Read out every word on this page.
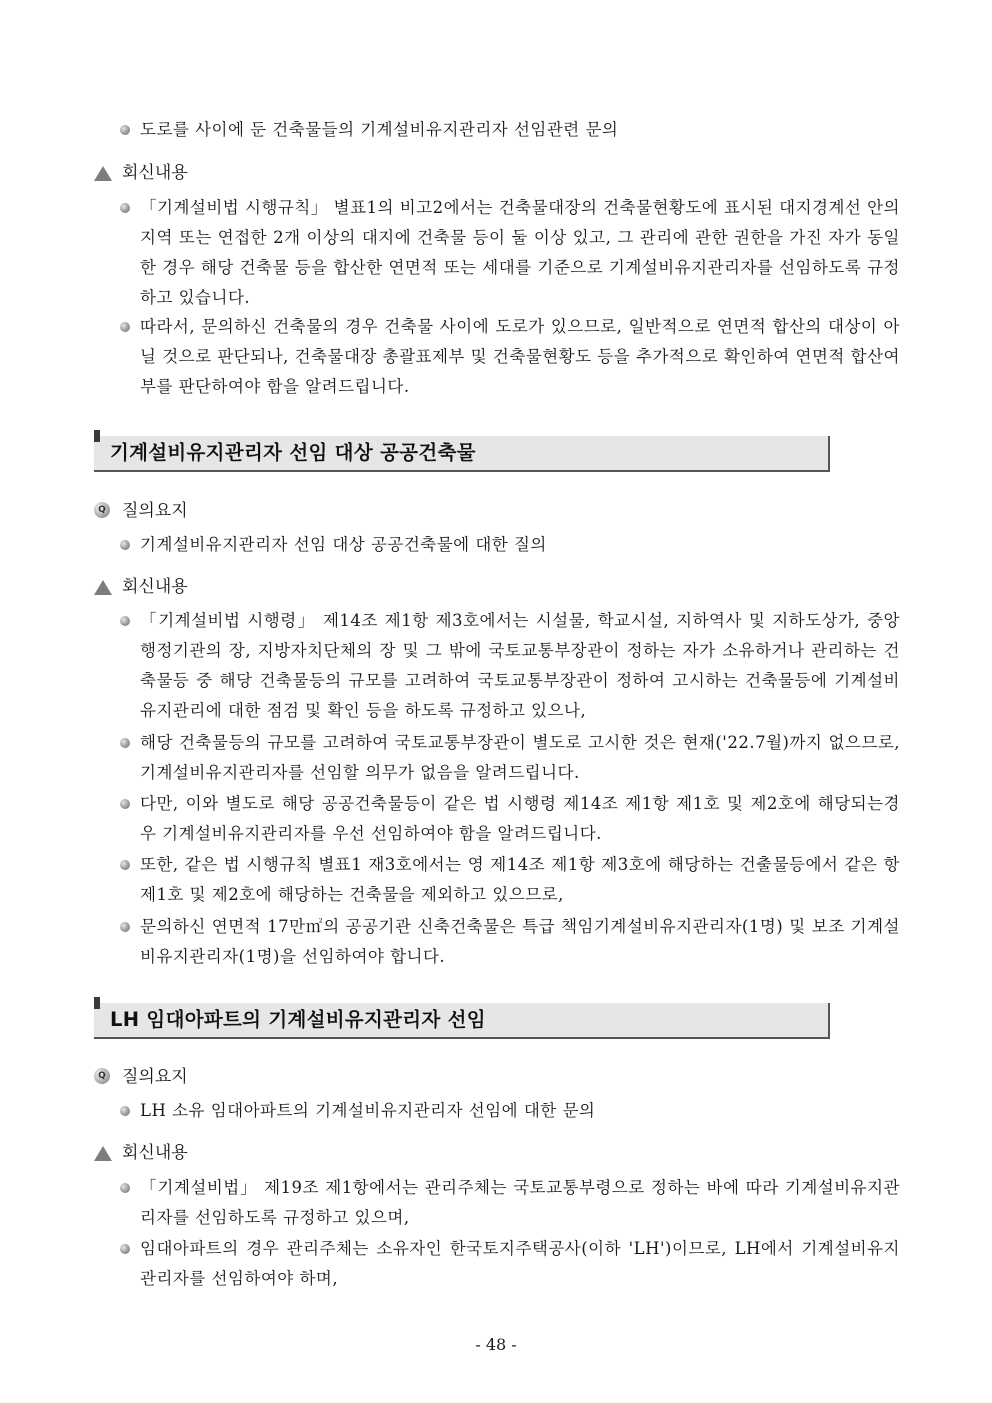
도로를 사이에 둔 건축물들의 기계설비유지관리자 선임관련 문의
회신내용
「기계설비법 시행규칙」 별표1의 비고2에서는 건축물대장의 건축물현황도에 표시된 대지경계선 안의 지역 또는 연접한 2개 이상의 대지에 건축물 등이 둘 이상 있고, 그 관리에 관한 권한을 가진 자가 동일한 경우 해당 건축물 등을 합산한 연면적 또는 세대를 기준으로 기계설비유지관리자를 선임하도록 규정하고 있습니다.
따라서, 문의하신 건축물의 경우 건축물 사이에 도로가 있으므로, 일반적으로 연면적 합산의 대상이 아닐 것으로 판단되나, 건축물대장 총괄표제부 및 건축물현황도 등을 추가적으로 확인하여 연면적 합산여부를 판단하여야 함을 알려드립니다.
기계설비유지관리자 선임 대상 공공건축물
Q 질의요지
기계설비유지관리자 선임 대상 공공건축물에 대한 질의
회신내용
「기계설비법 시행령」 제14조 제1항 제3호에서는 시설물, 학교시설, 지하역사 및 지하도상가, 중앙행정기관의 장, 지방자치단체의 장 및 그 밖에 국토교통부장관이 정하는 자가 소유하거나 관리하는 건축물등 중 해당 건축물등의 규모를 고려하여 국토교통부장관이 정하여 고시하는 건축물등에 기계설비 유지관리에 대한 점검 및 확인 등을 하도록 규정하고 있으나,
해당 건축물등의 규모를 고려하여 국토교통부장관이 별도로 고시한 것은 현재('22.7월)까지 없으므로, 기계설비유지관리자를 선임할 의무가 없음을 알려드립니다.
다만, 이와 별도로 해당 공공건축물등이 같은 법 시행령 제14조 제1항 제1호 및 제2호에 해당되는경우 기계설비유지관리자를 우선 선임하여야 함을 알려드립니다.
또한, 같은 법 시행규칙 별표1 재3호에서는 영 제14조 제1항 제3호에 해당하는 건출물등에서 같은 항 제1호 및 제2호에 해당하는 건축물을 제외하고 있으므로,
문의하신 연면적 17만㎡의 공공기관 신축건축물은 특급 책임기계설비유지관리자(1명) 및 보조 기계설비유지관리자(1명)을 선임하여야 합니다.
LH 임대아파트의 기계설비유지관리자 선임
Q 질의요지
LH 소유 임대아파트의 기계설비유지관리자 선임에 대한 문의
회신내용
「기계설비법」 제19조 제1항에서는 관리주체는 국토교통부령으로 정하는 바에 따라 기계설비유지관리자를 선임하도록 규정하고 있으며,
임대아파트의 경우 관리주체는 소유자인 한국토지주택공사(이하 'LH')이므로, LH에서 기계설비유지관리자를 선임하여야 하며,
- 48 -
